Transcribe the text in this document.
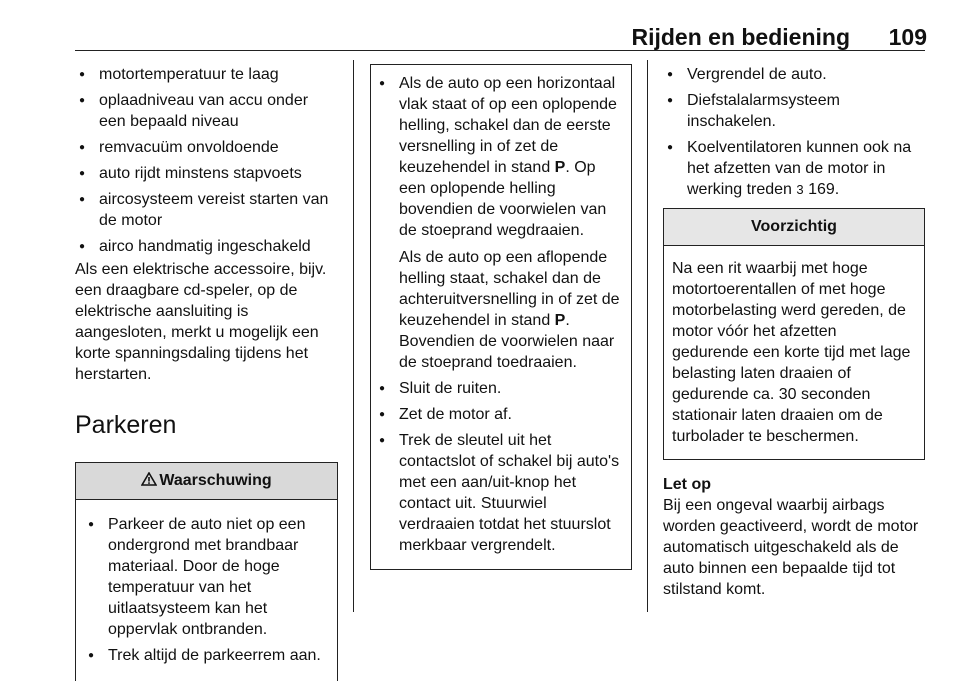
Rijden en bediening 109
● motortemperatuur te laag
● oplaadniveau van accu onder een bepaald niveau
● remvacuüm onvoldoende
● auto rijdt minstens stapvoets
● aircosysteem vereist starten van de motor
● airco handmatig ingeschakeld

Als een elektrische accessoire, bijv. een draagbare cd-speler, op de elektrische aansluiting is aangesloten, merkt u mogelijk een korte spanningsdaling tijdens het herstarten.

Parkeren
Waarschuwing
● Parkeer de auto niet op een ondergrond met brandbaar materiaal. Door de hoge temperatuur van het uitlaatsysteem kan het oppervlak ontbranden.
● Trek altijd de parkeerrem aan.

● Als de auto op een horizontaal vlak staat of op een oplopende helling, schakel dan de eerste versnelling in of zet de keuzehendel in stand P. Op een oplopende helling bovendien de voorwielen van de stoeprand wegdraaien.

Als de auto op een aflopende helling staat, schakel dan de achteruitversnelling in of zet de keuzehendel in stand P. Bovendien de voorwielen naar de stoeprand toedraaien.

● Sluit de ruiten.
● Zet de motor af.
● Trek de sleutel uit het contactslot of schakel bij auto's met een aan/uit-knop het contact uit. Stuurwiel verdraaien totdat het stuurslot merkbaar vergrendelt.
● Vergrendel de auto.
● Diefstalalarmsysteem inschakelen.
● Koelventilatoren kunnen ook na het afzetten van de motor in werking treden 3 169.
Voorzichtig

Na een rit waarbij met hoge motortoerentallen of met hoge motorbelasting werd gereden, de motor vóór het afzetten gedurende een korte tijd met lage belasting laten draaien of gedurende ca. 30 seconden stationair laten draaien om de turbolader te beschermen.

Let op

Bij een ongeval waarbij airbags worden geactiveerd, wordt de motor automatisch uitgeschakeld als de auto binnen een bepaalde tijd tot stilstand komt.
